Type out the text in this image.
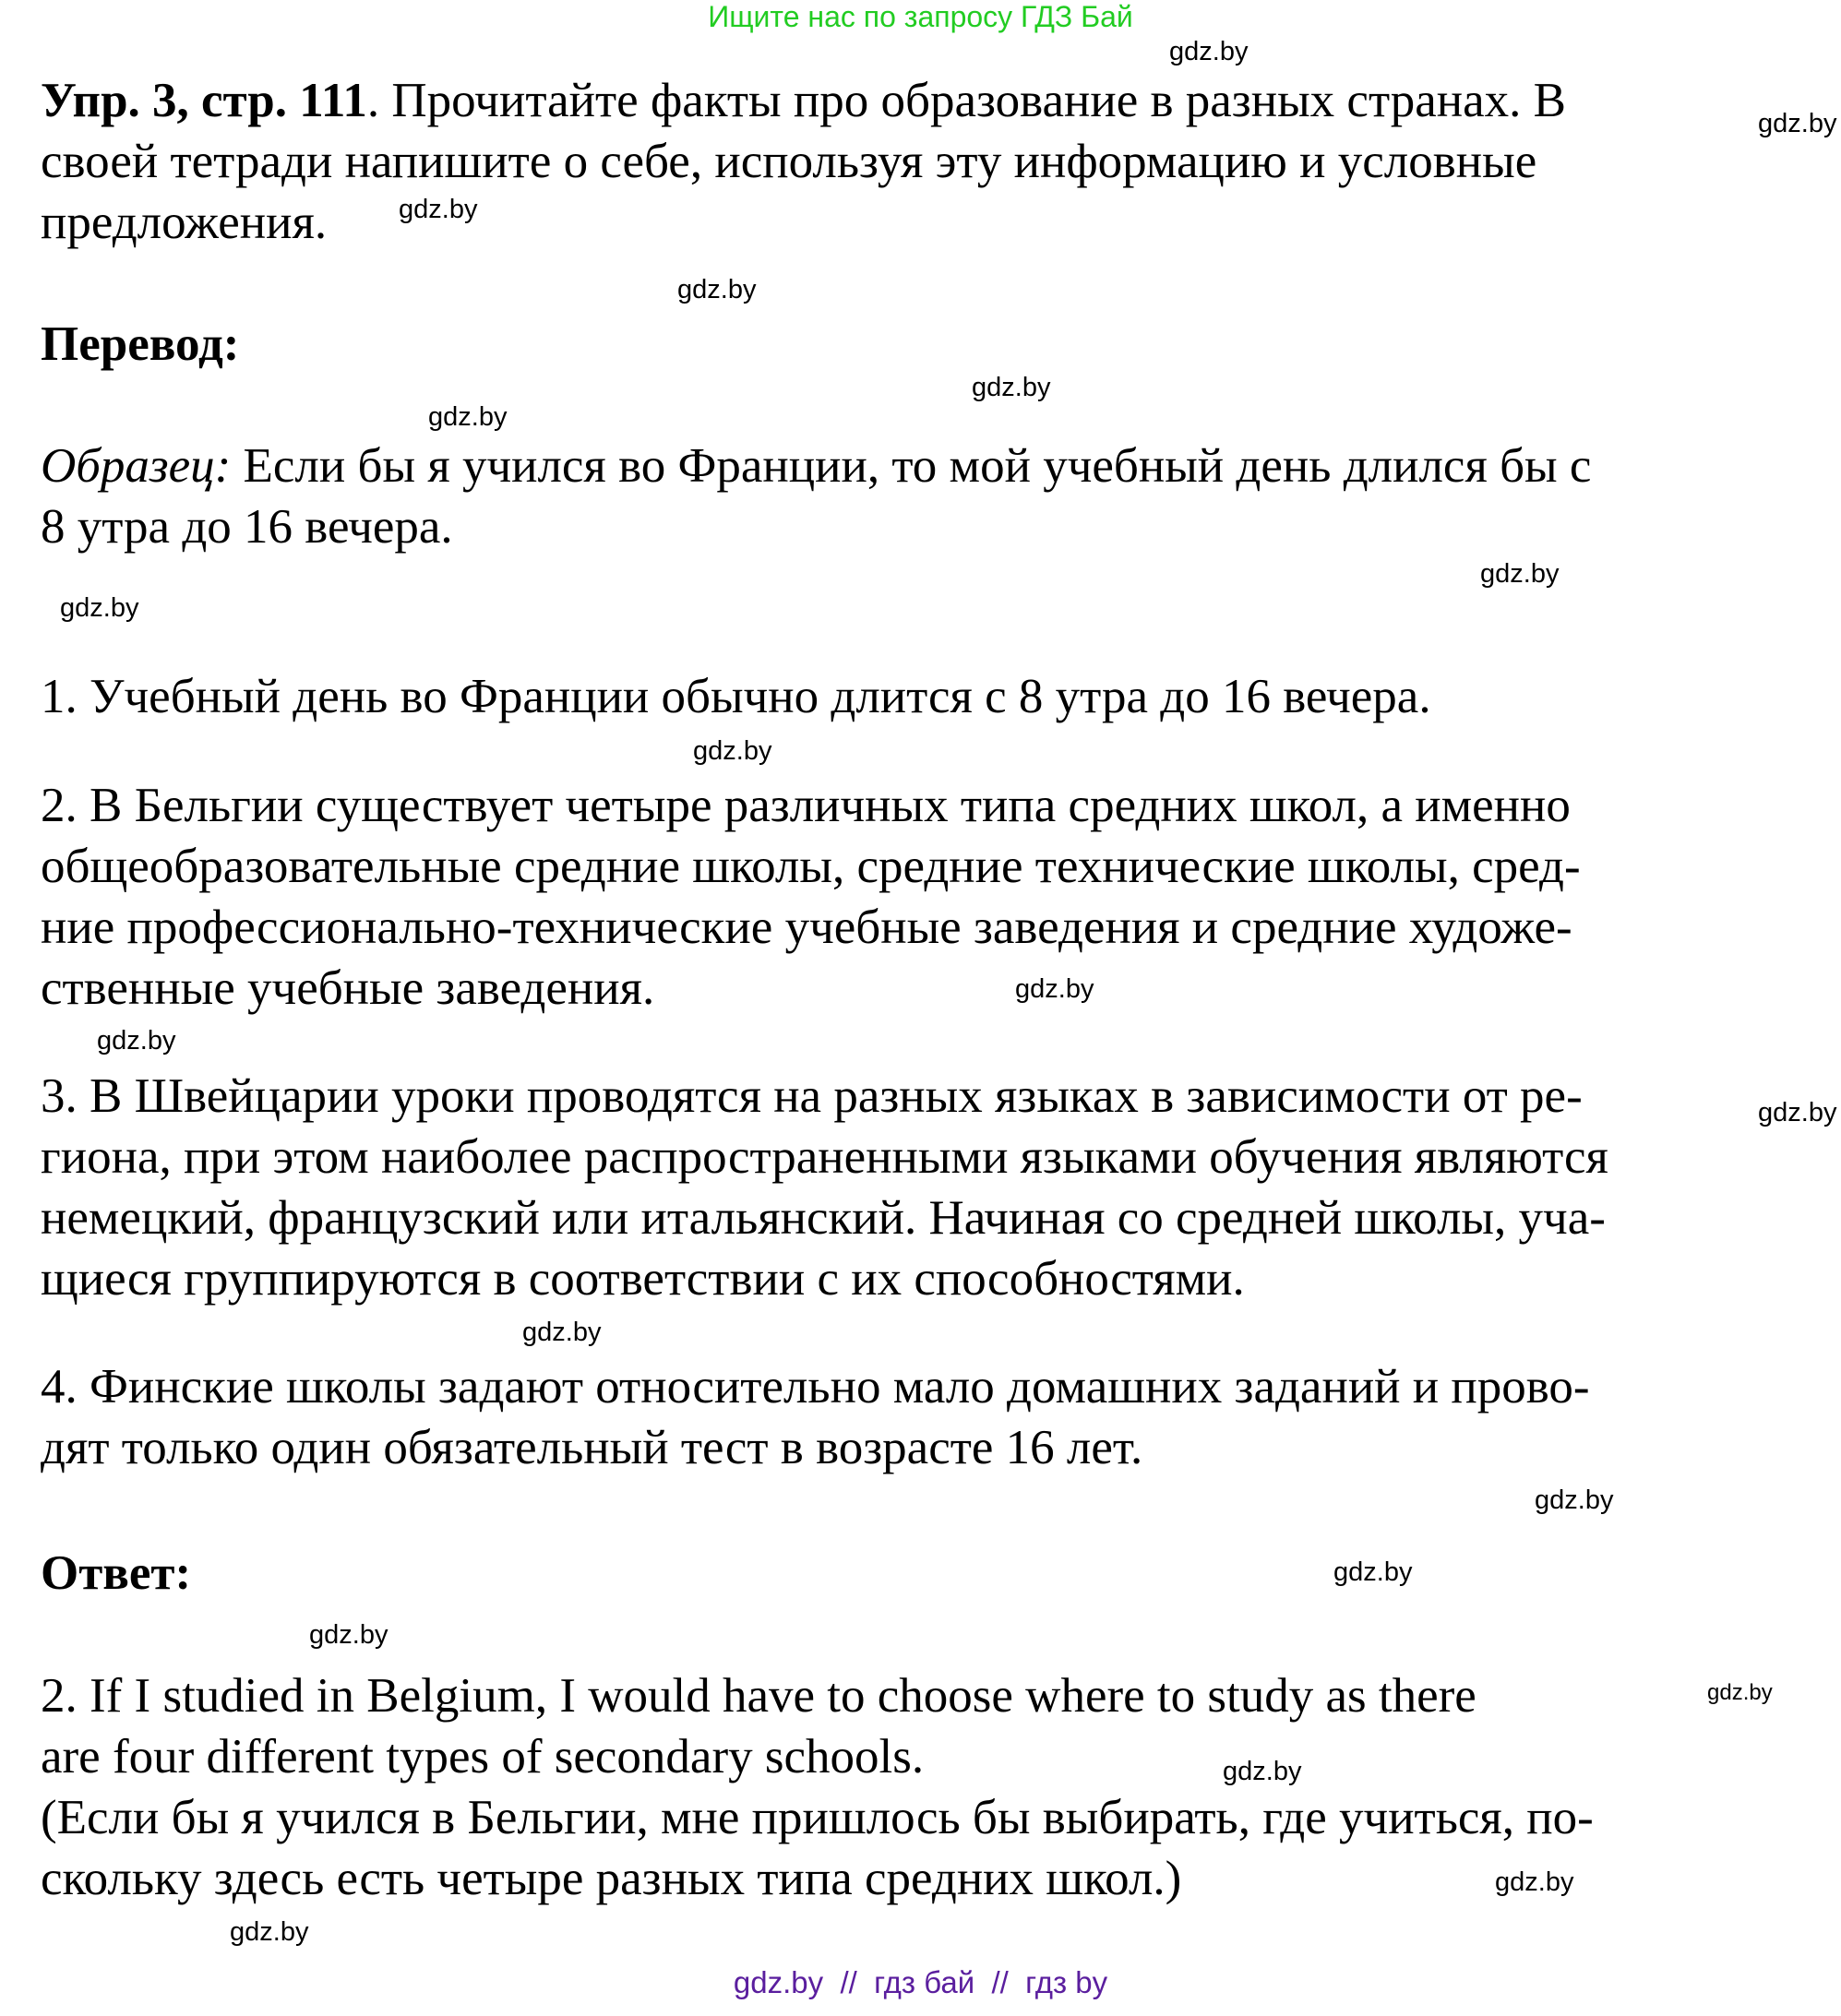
Ищите нас по запросу ГДЗ Бай
Упр. 3, стр. 111. Прочитайте факты про образование в разных странах. В
своей тетради напишите о себе, используя эту информацию и условные
предложения.
Перевод:
Образец: Если бы я учился во Франции, то мой учебный день длился бы с
8 утра до 16 вечера.
1. Учебный день во Франции обычно длится с 8 утра до 16 вечера.
2. В Бельгии существует четыре различных типа средних школ, а именно
общеобразовательные средние школы, средние технические школы, сред-
ние профессионально-технические учебные заведения и средние художе-
ственные учебные заведения.
3. В Швейцарии уроки проводятся на разных языках в зависимости от ре-
гиона, при этом наиболее распространенными языками обучения являются
немецкий, французский или итальянский. Начиная со средней школы, уча-
щиеся группируются в соответствии с их способностями.
4. Финские школы задают относительно мало домашних заданий и прово-
дят только один обязательный тест в возрасте 16 лет.
Ответ:
2. If I studied in Belgium, I would have to choose where to study as there
are four different types of secondary schools.
(Если бы я учился в Бельгии, мне пришлось бы выбирать, где учиться, по-
скольку здесь есть четыре разных типа средних школ.)
gdz.by
gdz.by
gdz.by
gdz.by
gdz.by
gdz.by
gdz.by
gdz.by
gdz.by
gdz.by
gdz.by
gdz.by
gdz.by
gdz.by
gdz.by
gdz.by
gdz.by
gdz.by
gdz.by
gdz.by
gdz.by  //  гдз бай  //  гдз by
